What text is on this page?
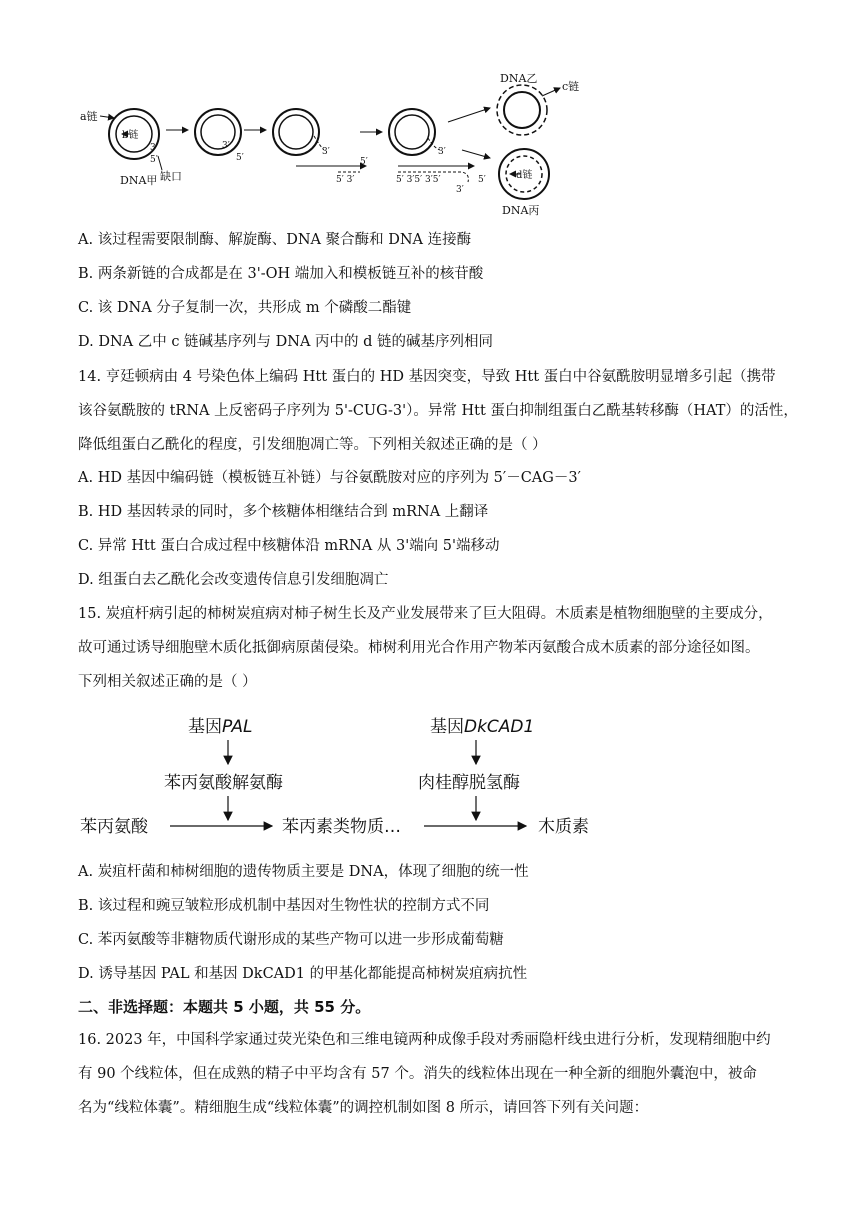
a链
b链
3′
5′
缺口
DNA甲
3′
5′
3′
5′
5′ 3′
3′
5′ 3′5′ 3′5′	5′
3′
DNA乙
c链
d链
DNA丙
A. 该过程需要限制酶、解旋酶、DNA 聚合酶和 DNA 连接酶
B. 两条新链的合成都是在 3'-OH 端加入和模板链互补的核苷酸
C. 该 DNA 分子复制一次，共形成 m 个磷酸二酯键
D. DNA 乙中 c 链碱基序列与 DNA 丙中的 d 链的碱基序列相同
14. 亨廷顿病由 4 号染色体上编码 Htt 蛋白的 HD 基因突变，导致 Htt 蛋白中谷氨酰胺明显增多引起（携带
该谷氨酰胺的 tRNA 上反密码子序列为 5'-CUG-3'）。异常 Htt 蛋白抑制组蛋白乙酰基转移酶（HAT）的活性，
降低组蛋白乙酰化的程度，引发细胞凋亡等。下列相关叙述正确的是（ ）
A. HD 基因中编码链（模板链互补链）与谷氨酰胺对应的序列为 5′－CAG－3′
B. HD 基因转录的同时，多个核糖体相继结合到 mRNA 上翻译
C. 异常 Htt 蛋白合成过程中核糖体沿 mRNA 从 3'端向 5'端移动
D. 组蛋白去乙酰化会改变遗传信息引发细胞凋亡
15. 炭疽杆病引起的柿树炭疽病对柿子树生长及产业发展带来了巨大阻碍。木质素是植物细胞壁的主要成分，
故可通过诱导细胞壁木质化抵御病原菌侵染。柿树利用光合作用产物苯丙氨酸合成木质素的部分途径如图。
下列相关叙述正确的是（ ）
基因PAL
苯丙氨酸解氨酶
基因DkCAD1
肉桂醇脱氢酶
苯丙氨酸	苯丙素类物质…	木质素
A. 炭疽杆菌和柿树细胞的遗传物质主要是 DNA，体现了细胞的统一性
B. 该过程和豌豆皱粒形成机制中基因对生物性状的控制方式不同
C. 苯丙氨酸等非糖物质代谢形成的某些产物可以进一步形成葡萄糖
D. 诱导基因 PAL 和基因 DkCAD1 的甲基化都能提高柿树炭疽病抗性
二、非选择题：本题共 5 小题，共 55 分。
16. 2023 年，中国科学家通过荧光染色和三维电镜两种成像手段对秀丽隐杆线虫进行分析，发现精细胞中约
有 90 个线粒体，但在成熟的精子中平均含有 57 个。消失的线粒体出现在一种全新的细胞外囊泡中，被命
名为“线粒体囊”。精细胞生成“线粒体囊”的调控机制如图 8 所示，请回答下列有关问题：
